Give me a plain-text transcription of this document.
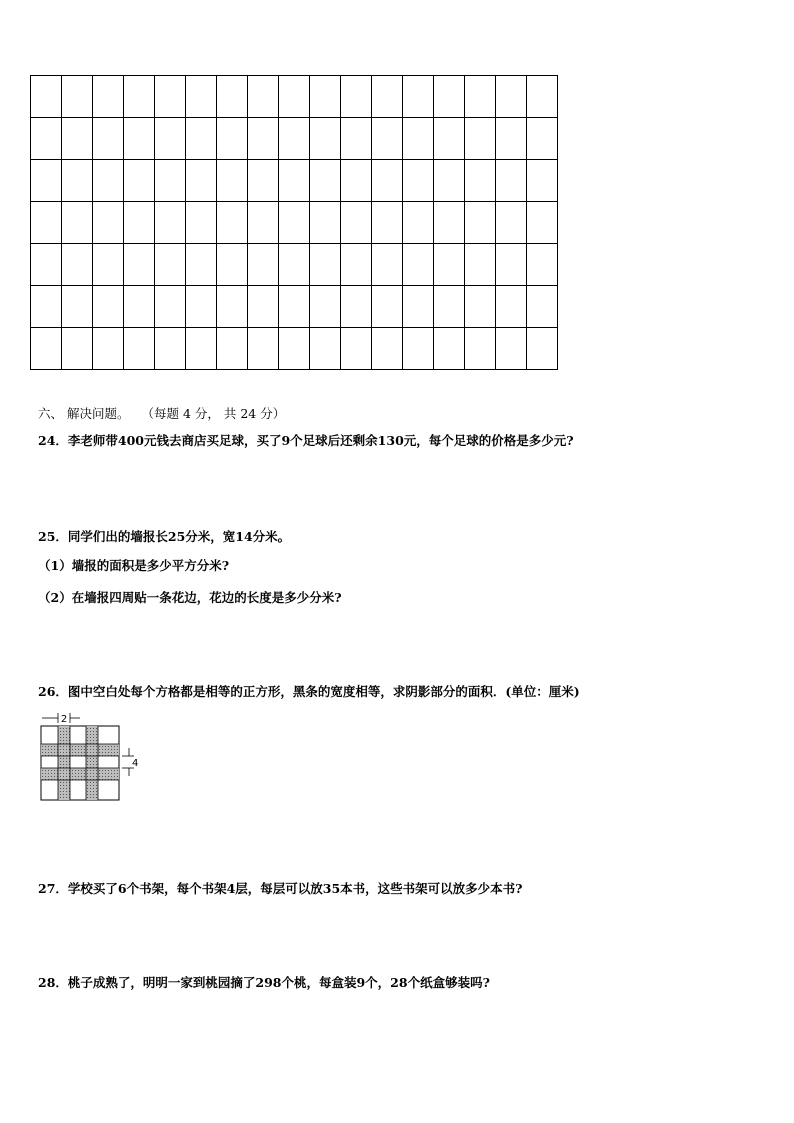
六、 解决问题。 （每题 4 分， 共 24 分）
24．李老师带400元钱去商店买足球，买了9个足球后还剩余130元，每个足球的价格是多少元?
25．同学们出的墙报长25分米，宽14分米。
（1）墙报的面积是多少平方分米?
（2）在墙报四周贴一条花边，花边的长度是多少分米?
26．图中空白处每个方格都是相等的正方形，黑条的宽度相等，求阴影部分的面积．(单位：厘米)
2
4
27．学校买了6个书架，每个书架4层，每层可以放35本书，这些书架可以放多少本书?
28．桃子成熟了，明明一家到桃园摘了298个桃，每盒装9个，28个纸盒够装吗?
